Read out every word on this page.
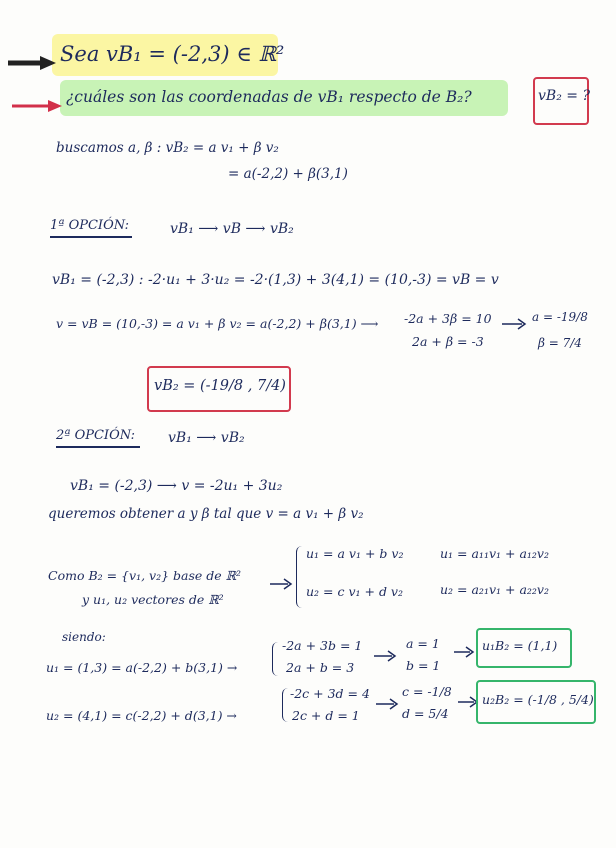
Sea vB₁ = (-2,3) ∈ ℝ²
¿cuáles son las coordenadas de vB₁ respecto de B₂?	vB₂ = ?
buscamos a, β : vB₂ = a v₁ + β v₂
= a(-2,2) + β(3,1)
1ª OPCIÓN:	vB₁ ⟶ vB ⟶ vB₂
vB₁ = (-2,3) : -2·u₁ + 3·u₂ = -2·(1,3) + 3(4,1) = (10,-3) = vB = v
v = vB = (10,-3) = a v₁ + β v₂ = a(-2,2) + β(3,1) ⟶ -2a + 3β = 10
2a + β = -3
a = -19/8
β = 7/4
vB₂ = (-19/8 , 7/4)
2ª OPCIÓN: vB₁ ⟶ vB₂
vB₁ = (-2,3) ⟶ v = -2u₁ + 3u₂
queremos obtener a y β tal que v = a v₁ + β v₂
Como B₂ = {v₁, v₂} base de ℝ²
y u₁, u₂ vectores de ℝ²
u₁ = a v₁ + b v₂	u₁ = a₁₁v₁ + a₁₂v₂
u₂ = c v₁ + d v₂	u₂ = a₂₁v₁ + a₂₂v₂
siendo:
u₁ = (1,3) = a(-2,2) + b(3,1) →
-2a + 3b = 1
2a + b = 3
a = 1
b = 1
u₁B₂ = (1,1)
u₂ = (4,1) = c(-2,2) + d(3,1) →
-2c + 3d = 4
2c + d = 1
c = -1/8
d = 5/4
u₂B₂ = (-1/8 , 5/4)
